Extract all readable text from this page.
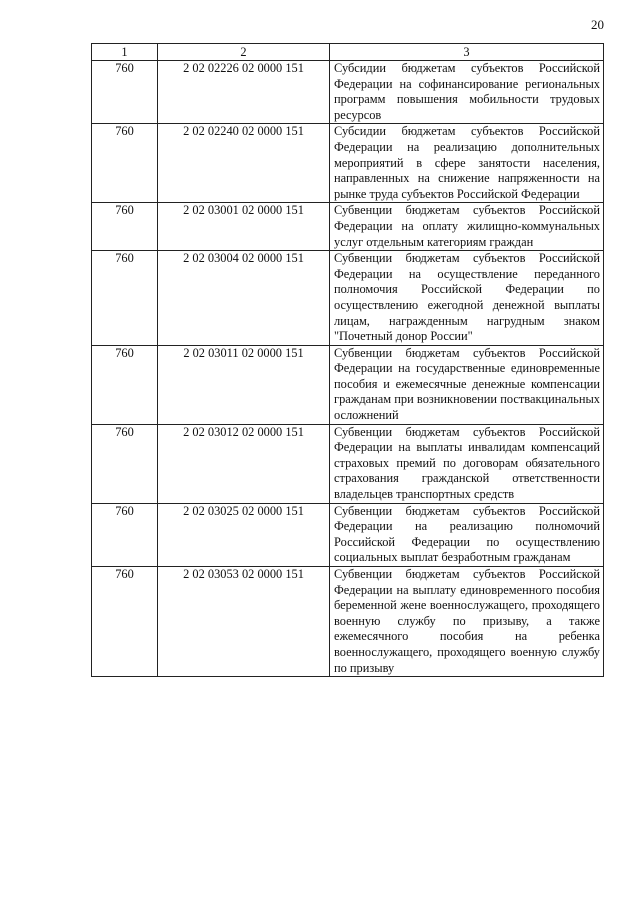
20
1	2	3
760	2 02 02226 02 0000 151	Субсидии бюджетам субъектов Российской Федерации на софинансирование региональных программ повышения мобильности трудовых ресурсов
760	2 02 02240 02 0000 151	Субсидии бюджетам субъектов Российской Федерации на реализацию дополнительных мероприятий в сфере занятости населения, направленных на снижение напряженности на рынке труда субъектов Российской Федерации
760	2 02 03001 02 0000 151	Субвенции бюджетам субъектов Российской Федерации на оплату жилищно-коммунальных услуг отдельным категориям граждан
760	2 02 03004 02 0000 151	Субвенции бюджетам субъектов Российской Федерации на осуществление переданного полномочия Российской Федерации по осуществлению ежегодной денежной выплаты лицам, награжденным нагрудным знаком "Почетный донор России"
760	2 02 03011 02 0000 151	Субвенции бюджетам субъектов Российской Федерации на государственные единовременные пособия и ежемесячные денежные компенсации гражданам при возникновении поствакцинальных осложнений
760	2 02 03012 02 0000 151	Субвенции бюджетам субъектов Российской Федерации на выплаты инвалидам компенсаций страховых премий по договорам обязательного страхования гражданской ответственности владельцев транспортных средств
760	2 02 03025 02 0000 151	Субвенции бюджетам субъектов Российской Федерации на реализацию полномочий Российской Федерации по осуществлению социальных выплат безработным гражданам
760	2 02 03053 02 0000 151	Субвенции бюджетам субъектов Российской Федерации на выплату единовременного пособия беременной жене военнослужащего, проходящего военную службу по призыву, а также ежемесячного пособия на ребенка военнослужащего, проходящего военную службу по призыву
